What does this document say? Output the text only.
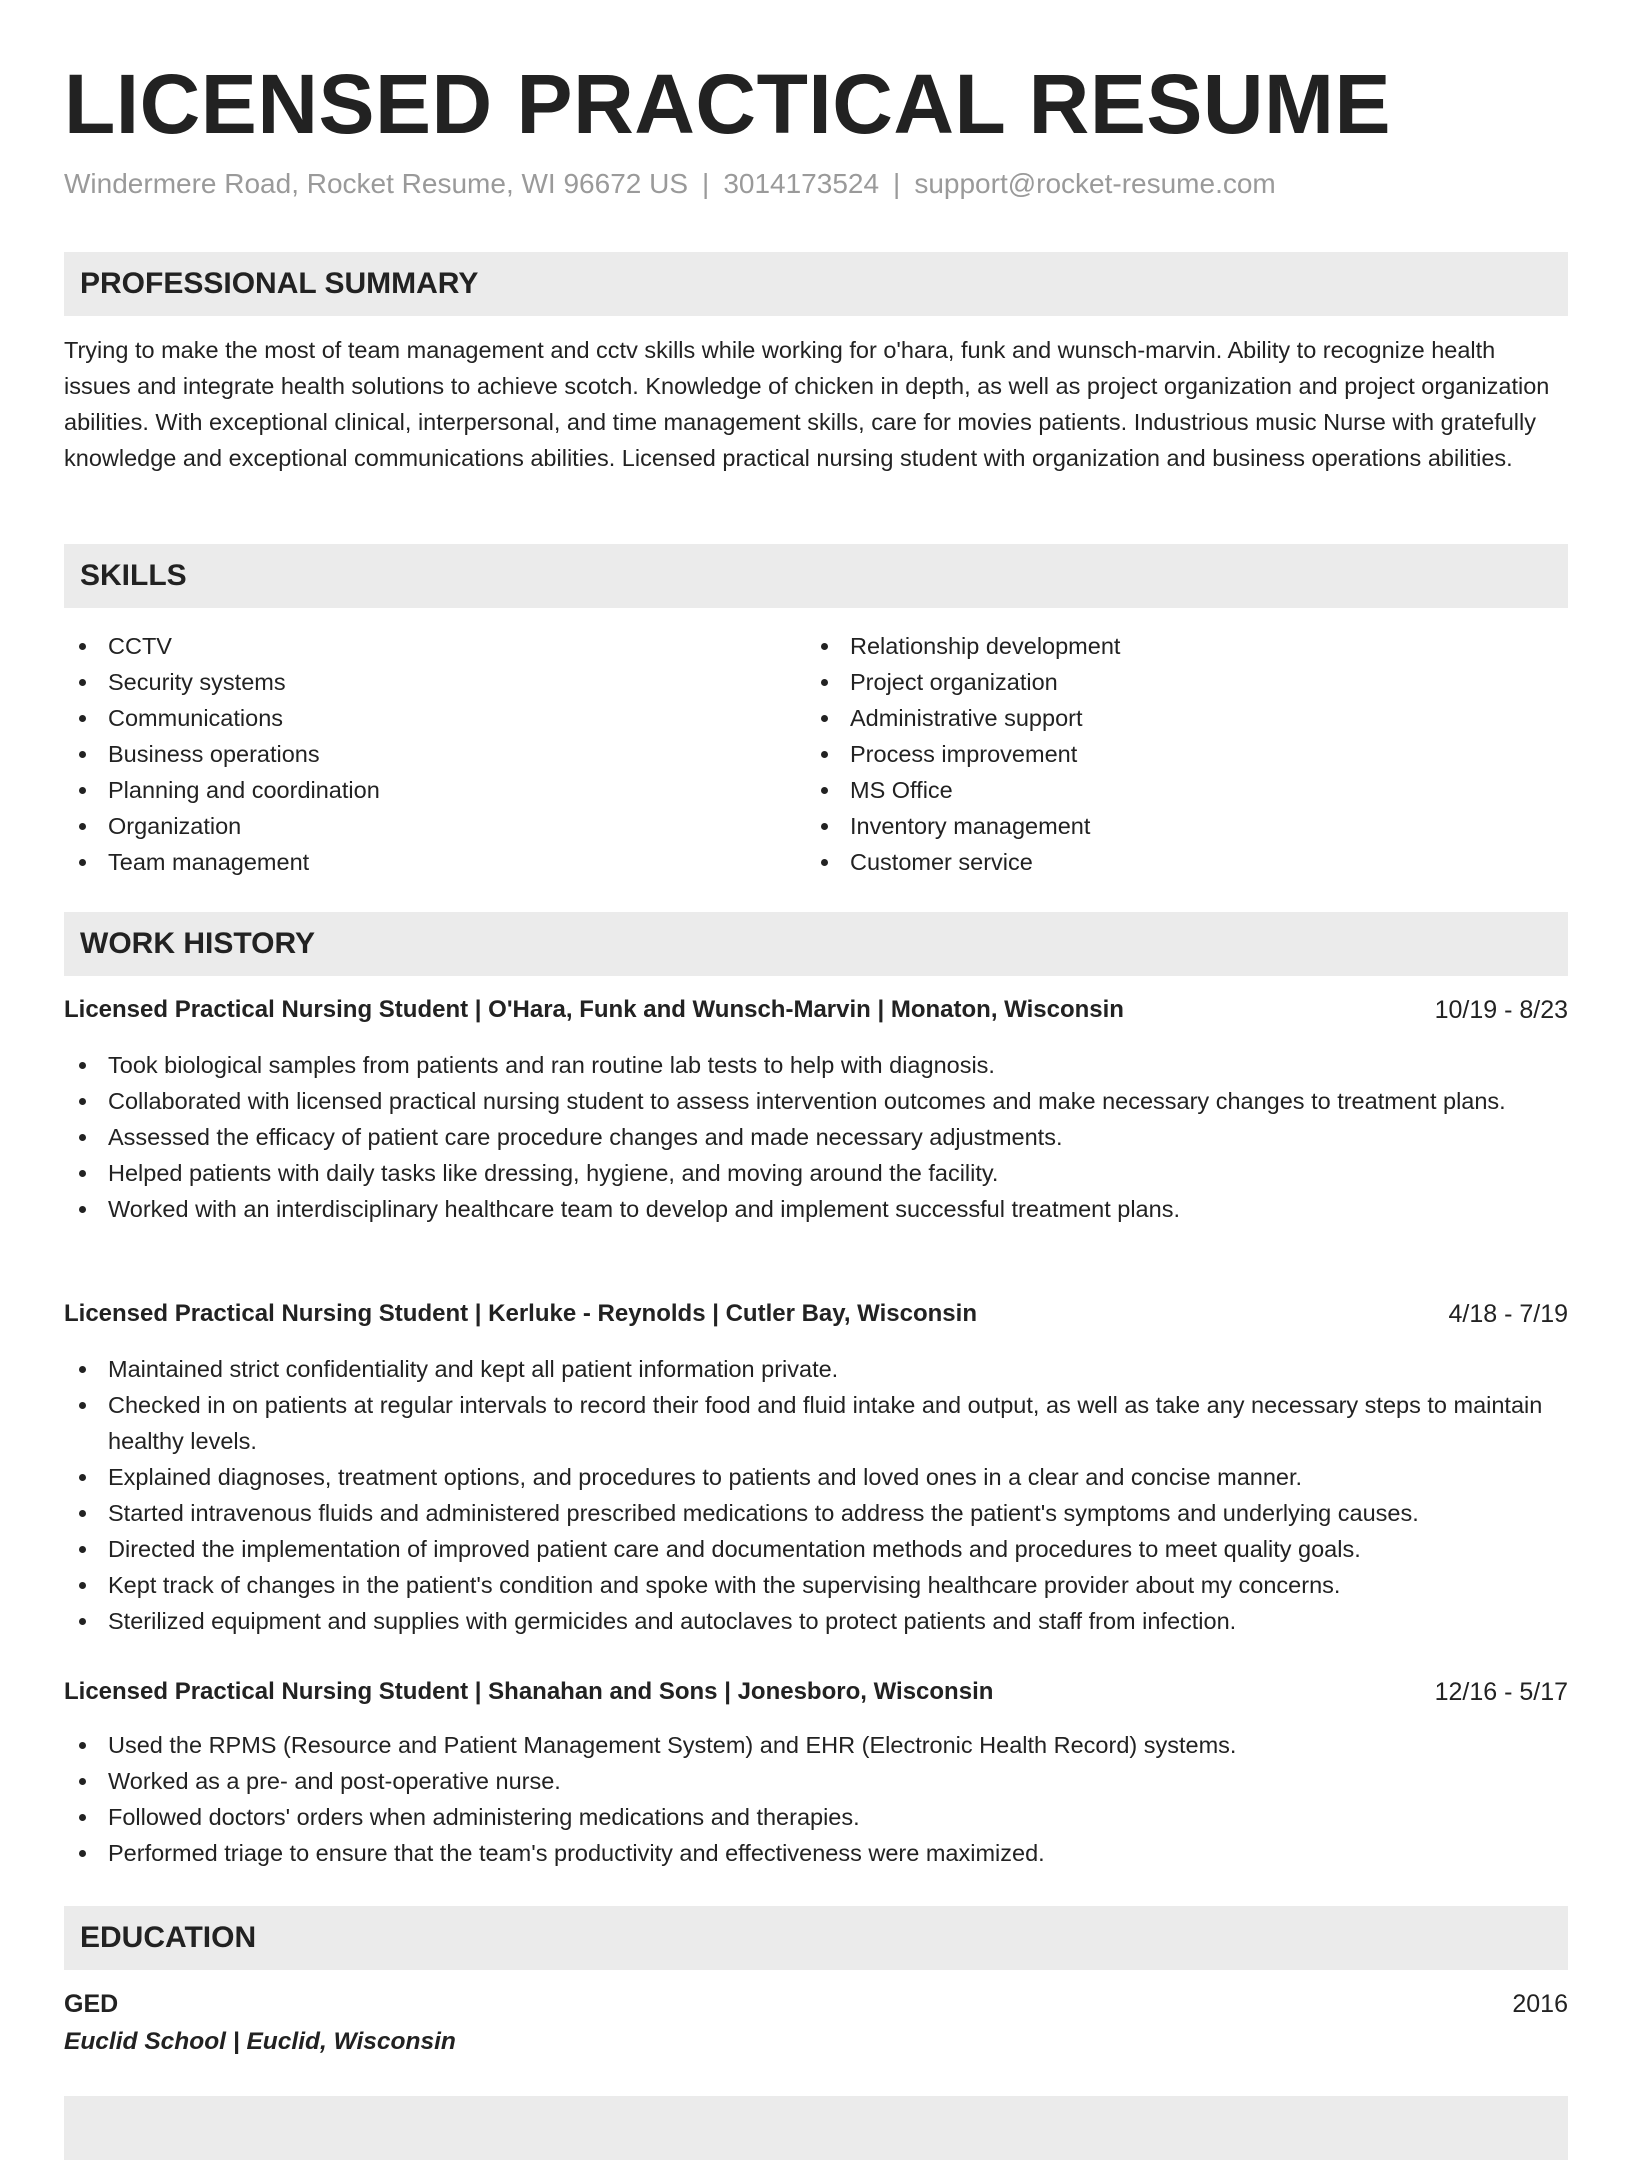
LICENSED PRACTICAL RESUME
Windermere Road, Rocket Resume, WI 96672 US | 3014173524 | support@rocket-resume.com
PROFESSIONAL SUMMARY

Trying to make the most of team management and cctv skills while working for o'hara, funk and wunsch-marvin. Ability to recognize health issues and integrate health solutions to achieve scotch. Knowledge of chicken in depth, as well as project organization and project organization abilities. With exceptional clinical, interpersonal, and time management skills, care for movies patients. Industrious music Nurse with gratefully knowledge and exceptional communications abilities. Licensed practical nursing student with organization and business operations abilities.

SKILLS
CCTV
Security systems
Communications
Business operations
Planning and coordination
Organization
Team management
Relationship development
Project organization
Administrative support
Process improvement
MS Office
Inventory management
Customer service
WORK HISTORY
Licensed Practical Nursing Student | O'Hara, Funk and Wunsch-Marvin | Monaton, Wisconsin	10/19 - 8/23
Took biological samples from patients and ran routine lab tests to help with diagnosis.
Collaborated with licensed practical nursing student to assess intervention outcomes and make necessary changes to treatment plans.
Assessed the efficacy of patient care procedure changes and made necessary adjustments.
Helped patients with daily tasks like dressing, hygiene, and moving around the facility.
Worked with an interdisciplinary healthcare team to develop and implement successful treatment plans.
Licensed Practical Nursing Student | Kerluke - Reynolds | Cutler Bay, Wisconsin	4/18 - 7/19
Maintained strict confidentiality and kept all patient information private.
Checked in on patients at regular intervals to record their food and fluid intake and output, as well as take any necessary steps to maintain healthy levels.
Explained diagnoses, treatment options, and procedures to patients and loved ones in a clear and concise manner.
Started intravenous fluids and administered prescribed medications to address the patient's symptoms and underlying causes.
Directed the implementation of improved patient care and documentation methods and procedures to meet quality goals.
Kept track of changes in the patient's condition and spoke with the supervising healthcare provider about my concerns.
Sterilized equipment and supplies with germicides and autoclaves to protect patients and staff from infection.
Licensed Practical Nursing Student | Shanahan and Sons | Jonesboro, Wisconsin	12/16 - 5/17
Used the RPMS (Resource and Patient Management System) and EHR (Electronic Health Record) systems.
Worked as a pre- and post-operative nurse.
Followed doctors' orders when administering medications and therapies.
Performed triage to ensure that the team's productivity and effectiveness were maximized.
EDUCATION
GED	2016
Euclid School | Euclid, Wisconsin
